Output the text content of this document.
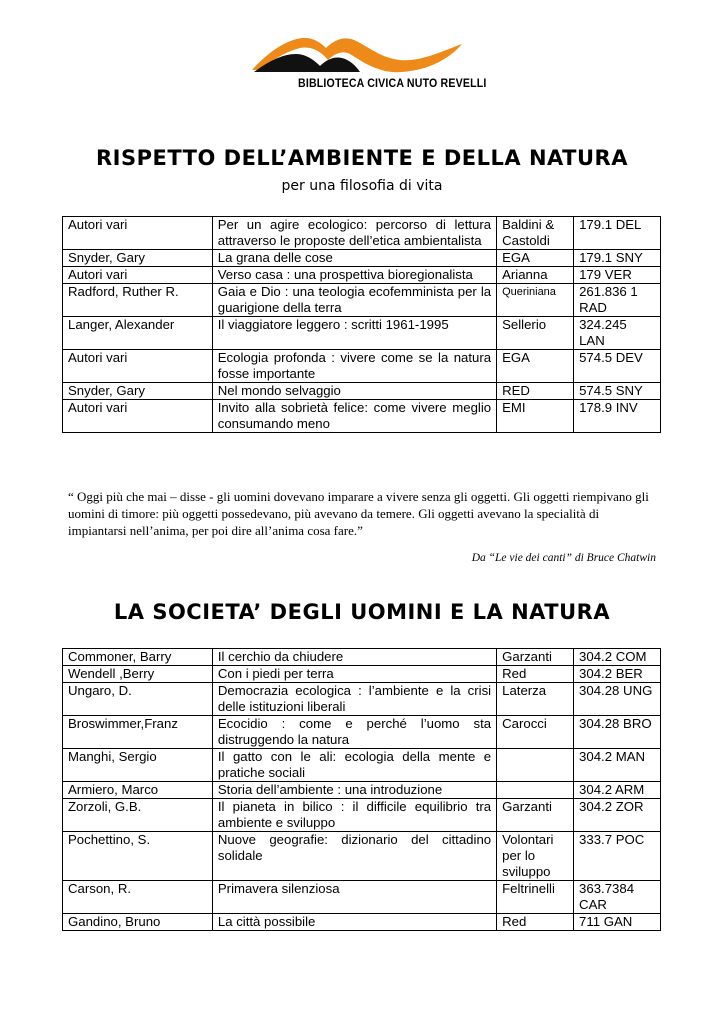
BIBLIOTECA CIVICA NUTO REVELLI
RISPETTO DELL’AMBIENTE E DELLA NATURA
per una filosofia di vita
Autori vari	Per un agire ecologico: percorso di lettura attraverso le proposte dell’etica ambientalista	Baldini & Castoldi	179.1 DEL
Snyder, Gary	La grana delle cose	EGA	179.1 SNY
Autori vari	Verso casa : una prospettiva bioregionalista	Arianna	179 VER
Radford, Ruther R.	Gaia e Dio : una teologia ecofemminista per la guarigione della terra	Queriniana	261.836 1 RAD
Langer, Alexander	Il viaggiatore leggero : scritti 1961-1995	Sellerio	324.245 LAN
Autori vari	Ecologia profonda : vivere come se la natura fosse importante	EGA	574.5 DEV
Snyder, Gary	Nel mondo selvaggio	RED	574.5 SNY
Autori vari	Invito alla sobrietà felice: come vivere meglio consumando meno	EMI	178.9 INV
“ Oggi più che mai – disse - gli uomini dovevano imparare a vivere senza gli oggetti. Gli oggetti riempivano gli uomini di timore: più oggetti possedevano, più avevano da temere. Gli oggetti avevano la specialità di impiantarsi nell’anima, per poi dire all’anima cosa fare.”
Da “Le vie dei canti” di Bruce Chatwin
LA SOCIETA’ DEGLI UOMINI E LA NATURA
Commoner, Barry	Il cerchio da chiudere	Garzanti	304.2 COM
Wendell ,Berry	Con i piedi per terra	Red	304.2 BER
Ungaro, D.	Democrazia ecologica : l’ambiente e la crisi delle istituzioni liberali	Laterza	304.28 UNG
Broswimmer,Franz	Ecocidio : come e perché l’uomo sta distruggendo la natura	Carocci	304.28 BRO
Manghi, Sergio	Il gatto con le ali: ecologia della mente e pratiche sociali		304.2 MAN
Armiero, Marco	Storia dell’ambiente : una introduzione		304.2 ARM
Zorzoli, G.B.	Il pianeta in bilico : il difficile equilibrio tra ambiente e sviluppo	Garzanti	304.2 ZOR
Pochettino, S.	Nuove geografie: dizionario del cittadino solidale	Volontari per lo sviluppo	333.7 POC
Carson, R.	Primavera silenziosa	Feltrinelli	363.7384 CAR
Gandino, Bruno	La città possibile	Red	711 GAN
